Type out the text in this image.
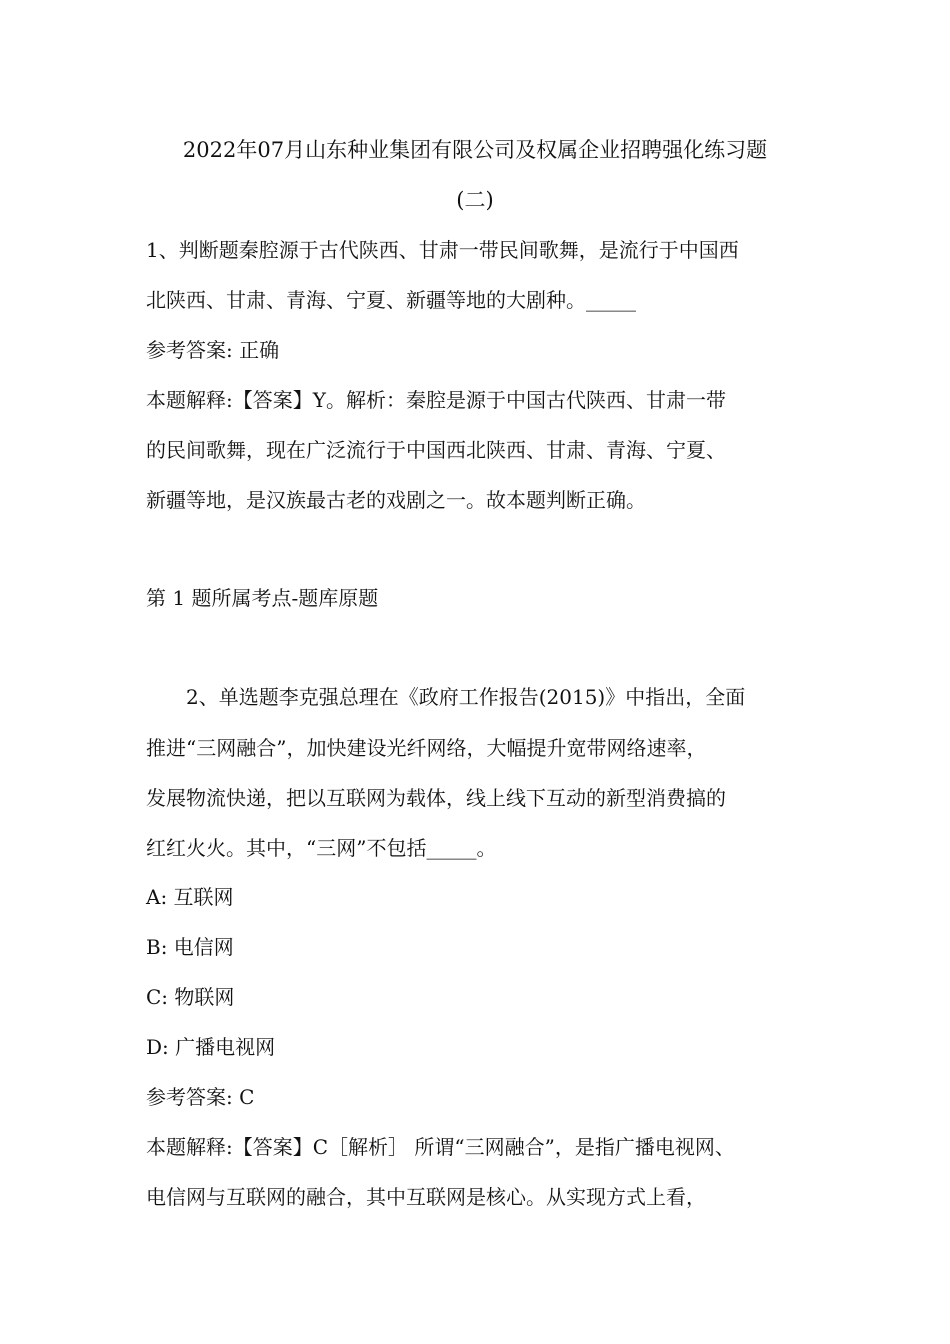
2022年07月山东种业集团有限公司及权属企业招聘强化练习题
(二)
1、判断题秦腔源于古代陕西、甘肃一带民间歌舞，是流行于中国西
北陕西、甘肃、青海、宁夏、新疆等地的大剧种。_____
参考答案: 正确
本题解释:【答案】Y。解析：秦腔是源于中国古代陕西、甘肃一带
的民间歌舞，现在广泛流行于中国西北陕西、甘肃、青海、宁夏、
新疆等地，是汉族最古老的戏剧之一。故本题判断正确。
第 1 题所属考点-题库原题
2、单选题李克强总理在《政府工作报告(2015)》中指出，全面
推进“三网融合”，加快建设光纤网络，大幅提升宽带网络速率，
发展物流快递，把以互联网为载体，线上线下互动的新型消费搞的
红红火火。其中，“三网”不包括_____。
A: 互联网
B: 电信网
C: 物联网
D: 广播电视网
参考答案: C
本题解释:【答案】C［解析］ 所谓“三网融合”，是指广播电视网、
电信网与互联网的融合，其中互联网是核心。从实现方式上看，
